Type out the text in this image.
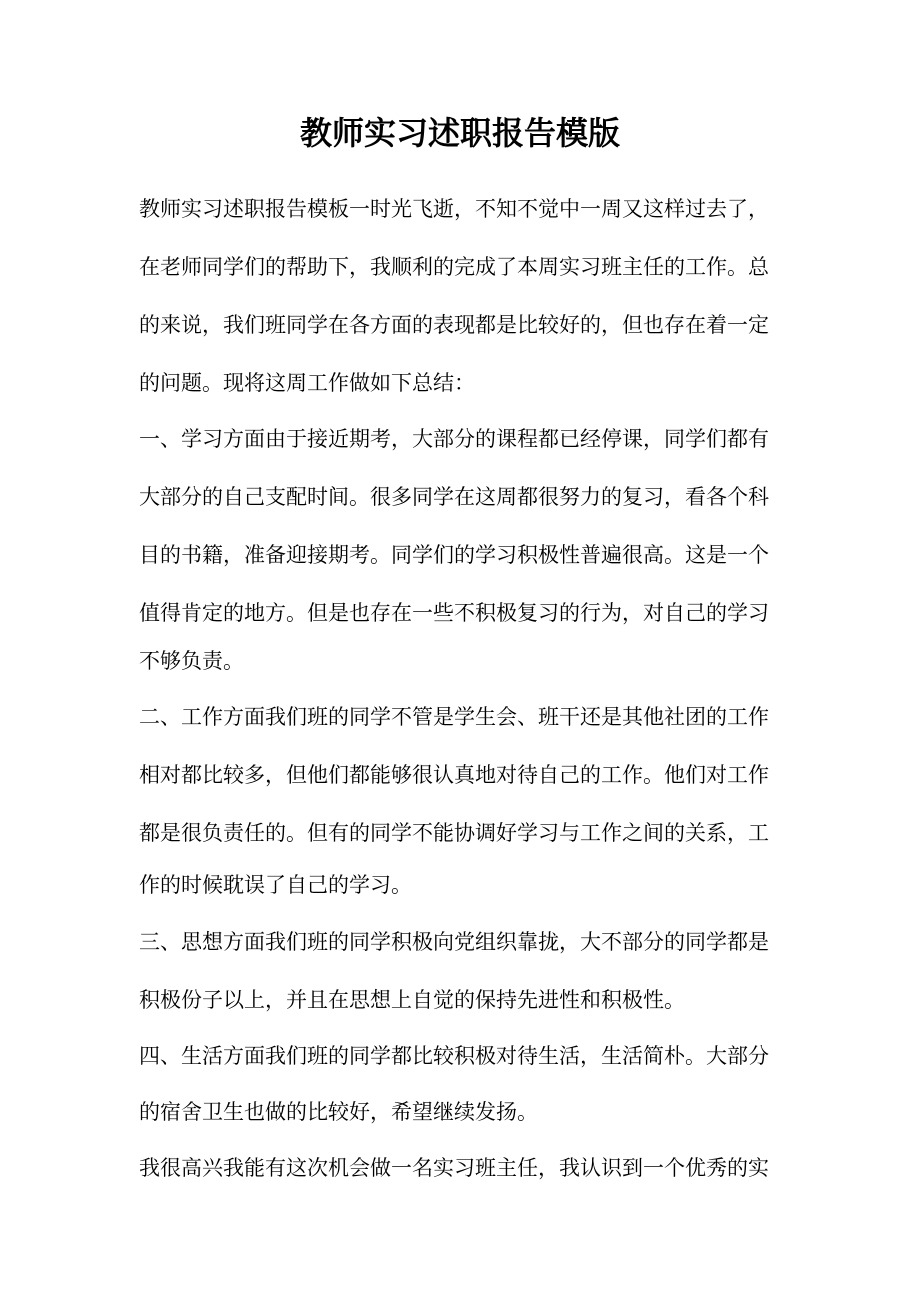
教师实习述职报告模版
教师实习述职报告模板一时光飞逝，不知不觉中一周又这样过去了，
在老师同学们的帮助下，我顺利的完成了本周实习班主任的工作。总
的来说，我们班同学在各方面的表现都是比较好的，但也存在着一定
的问题。现将这周工作做如下总结：
一、学习方面由于接近期考，大部分的课程都已经停课，同学们都有
大部分的自己支配时间。很多同学在这周都很努力的复习，看各个科
目的书籍，准备迎接期考。同学们的学习积极性普遍很高。这是一个
值得肯定的地方。但是也存在一些不积极复习的行为，对自己的学习
不够负责。
二、工作方面我们班的同学不管是学生会、班干还是其他社团的工作
相对都比较多，但他们都能够很认真地对待自己的工作。他们对工作
都是很负责任的。但有的同学不能协调好学习与工作之间的关系，工
作的时候耽误了自己的学习。
三、思想方面我们班的同学积极向党组织靠拢，大不部分的同学都是
积极份子以上，并且在思想上自觉的保持先进性和积极性。
四、生活方面我们班的同学都比较积极对待生活，生活简朴。大部分
的宿舍卫生也做的比较好，希望继续发扬。
我很高兴我能有这次机会做一名实习班主任，我认识到一个优秀的实
